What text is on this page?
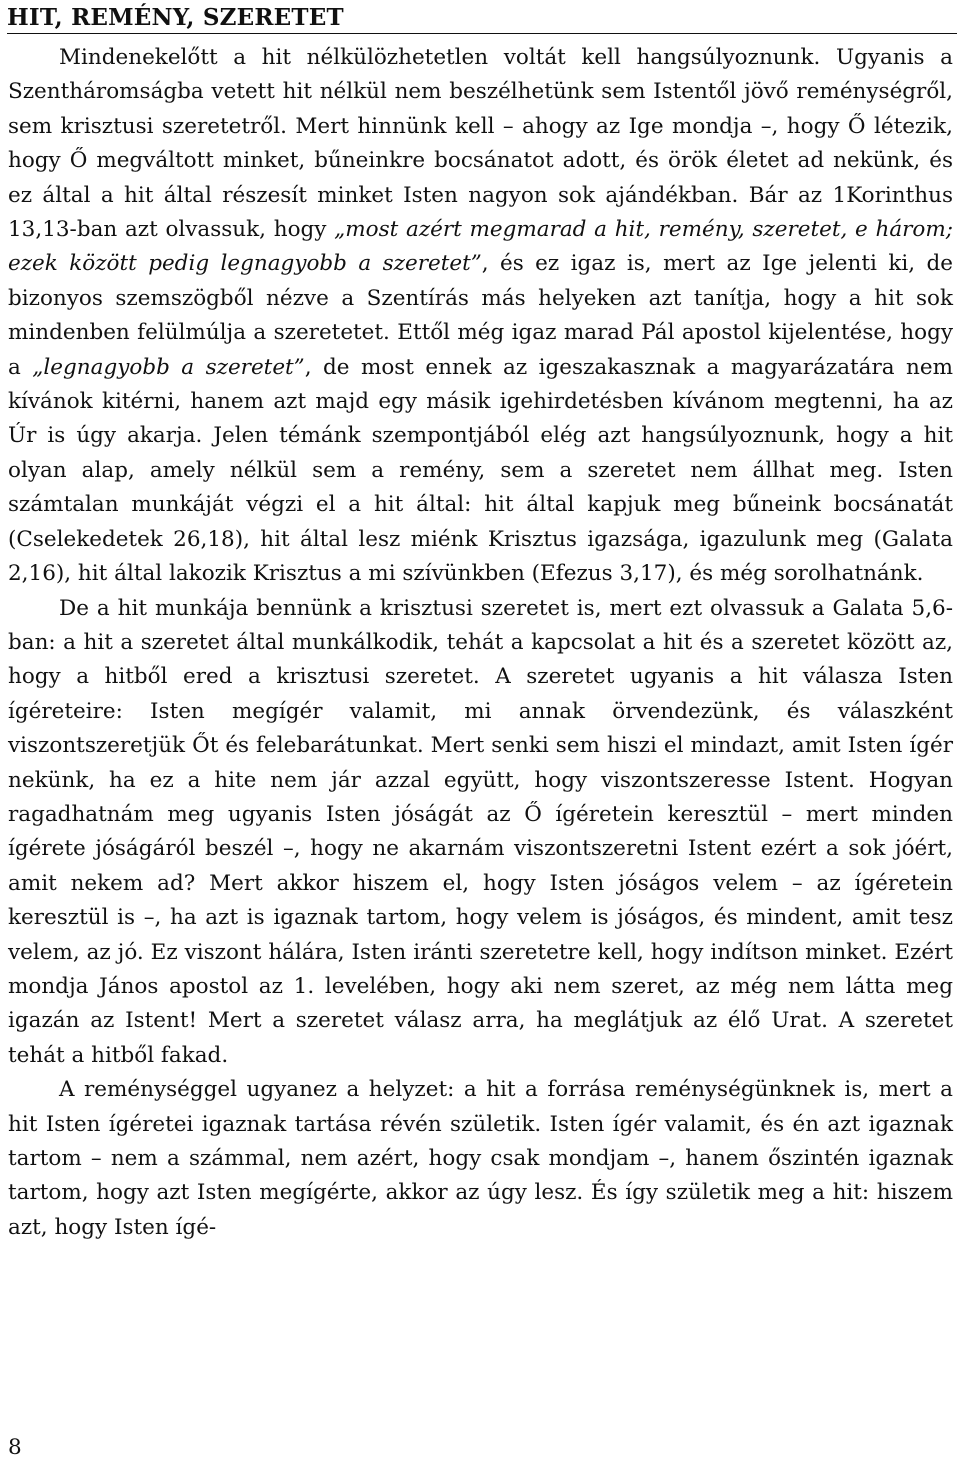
HIT, REMÉNY, SZERETET

Mindenekelőtt a hit nélkülözhetetlen voltát kell hangsúlyoznunk. Ugyanis a Szentháromságba vetett hit nélkül nem beszélhetünk sem Istentől jövő reménységről, sem krisztusi szeretetről. Mert hinnünk kell – ahogy az Ige mondja –, hogy Ő létezik, hogy Ő megváltott minket, bűneinkre bocsánatot adott, és örök életet ad nekünk, és ez által a hit által részesít minket Isten nagyon sok ajándékban. Bár az 1Korinthus 13,13-ban azt olvassuk, hogy „most azért megmarad a hit, remény, szeretet, e három; ezek között pedig legnagyobb a szeretet”, és ez igaz is, mert az Ige jelenti ki, de bizonyos szemszögből nézve a Szentírás más helyeken azt tanítja, hogy a hit sok mindenben felülmúlja a szeretetet. Ettől még igaz marad Pál apostol kijelentése, hogy a „legnagyobb a szeretet”, de most ennek az igeszakasznak a magyarázatára nem kívánok kitérni, hanem azt majd egy másik igehirdetésben kívánom megtenni, ha az Úr is úgy akarja. Jelen témánk szempontjából elég azt hangsúlyoznunk, hogy a hit olyan alap, amely nélkül sem a remény, sem a szeretet nem állhat meg. Isten számtalan munkáját végzi el a hit által: hit által kapjuk meg bűneink bocsánatát (Cselekedetek 26,18), hit által lesz miénk Krisztus igazsága, igazulunk meg (Galata 2,16), hit által lakozik Krisztus a mi szívünkben (Efezus 3,17), és még sorolhatnánk.

De a hit munkája bennünk a krisztusi szeretet is, mert ezt olvassuk a Galata 5,6-ban: a hit a szeretet által munkálkodik, tehát a kapcsolat a hit és a szeretet között az, hogy a hitből ered a krisztusi szeretet. A szeretet ugyanis a hit válasza Isten ígéreteire: Isten megígér valamit, mi annak örvendezünk, és válaszként viszontszeretjük Őt és felebarátunkat. Mert senki sem hiszi el mindazt, amit Isten ígér nekünk, ha ez a hite nem jár azzal együtt, hogy viszontszeresse Istent. Hogyan ragadhatnám meg ugyanis Isten jóságát az Ő ígéretein keresztül – mert minden ígérete jóságáról beszél –, hogy ne akarnám viszontszeretni Istent ezért a sok jóért, amit nekem ad? Mert akkor hiszem el, hogy Isten jóságos velem – az ígéretein keresztül is –, ha azt is igaznak tartom, hogy velem is jóságos, és mindent, amit tesz velem, az jó. Ez viszont hálára, Isten iránti szeretetre kell, hogy indítson minket. Ezért mondja János apostol az 1. levelében, hogy aki nem szeret, az még nem látta meg igazán az Istent! Mert a szeretet válasz arra, ha meglátjuk az élő Urat. A szeretet tehát a hitből fakad.

A reménységgel ugyanez a helyzet: a hit a forrása reménységünknek is, mert a hit Isten ígéretei igaznak tartása révén születik. Isten ígér valamit, és én azt igaznak tartom – nem a számmal, nem azért, hogy csak mondjam –, hanem őszintén igaznak tartom, hogy azt Isten megígérte, akkor az úgy lesz. És így születik meg a hit: hiszem azt, hogy Isten ígé-

8
